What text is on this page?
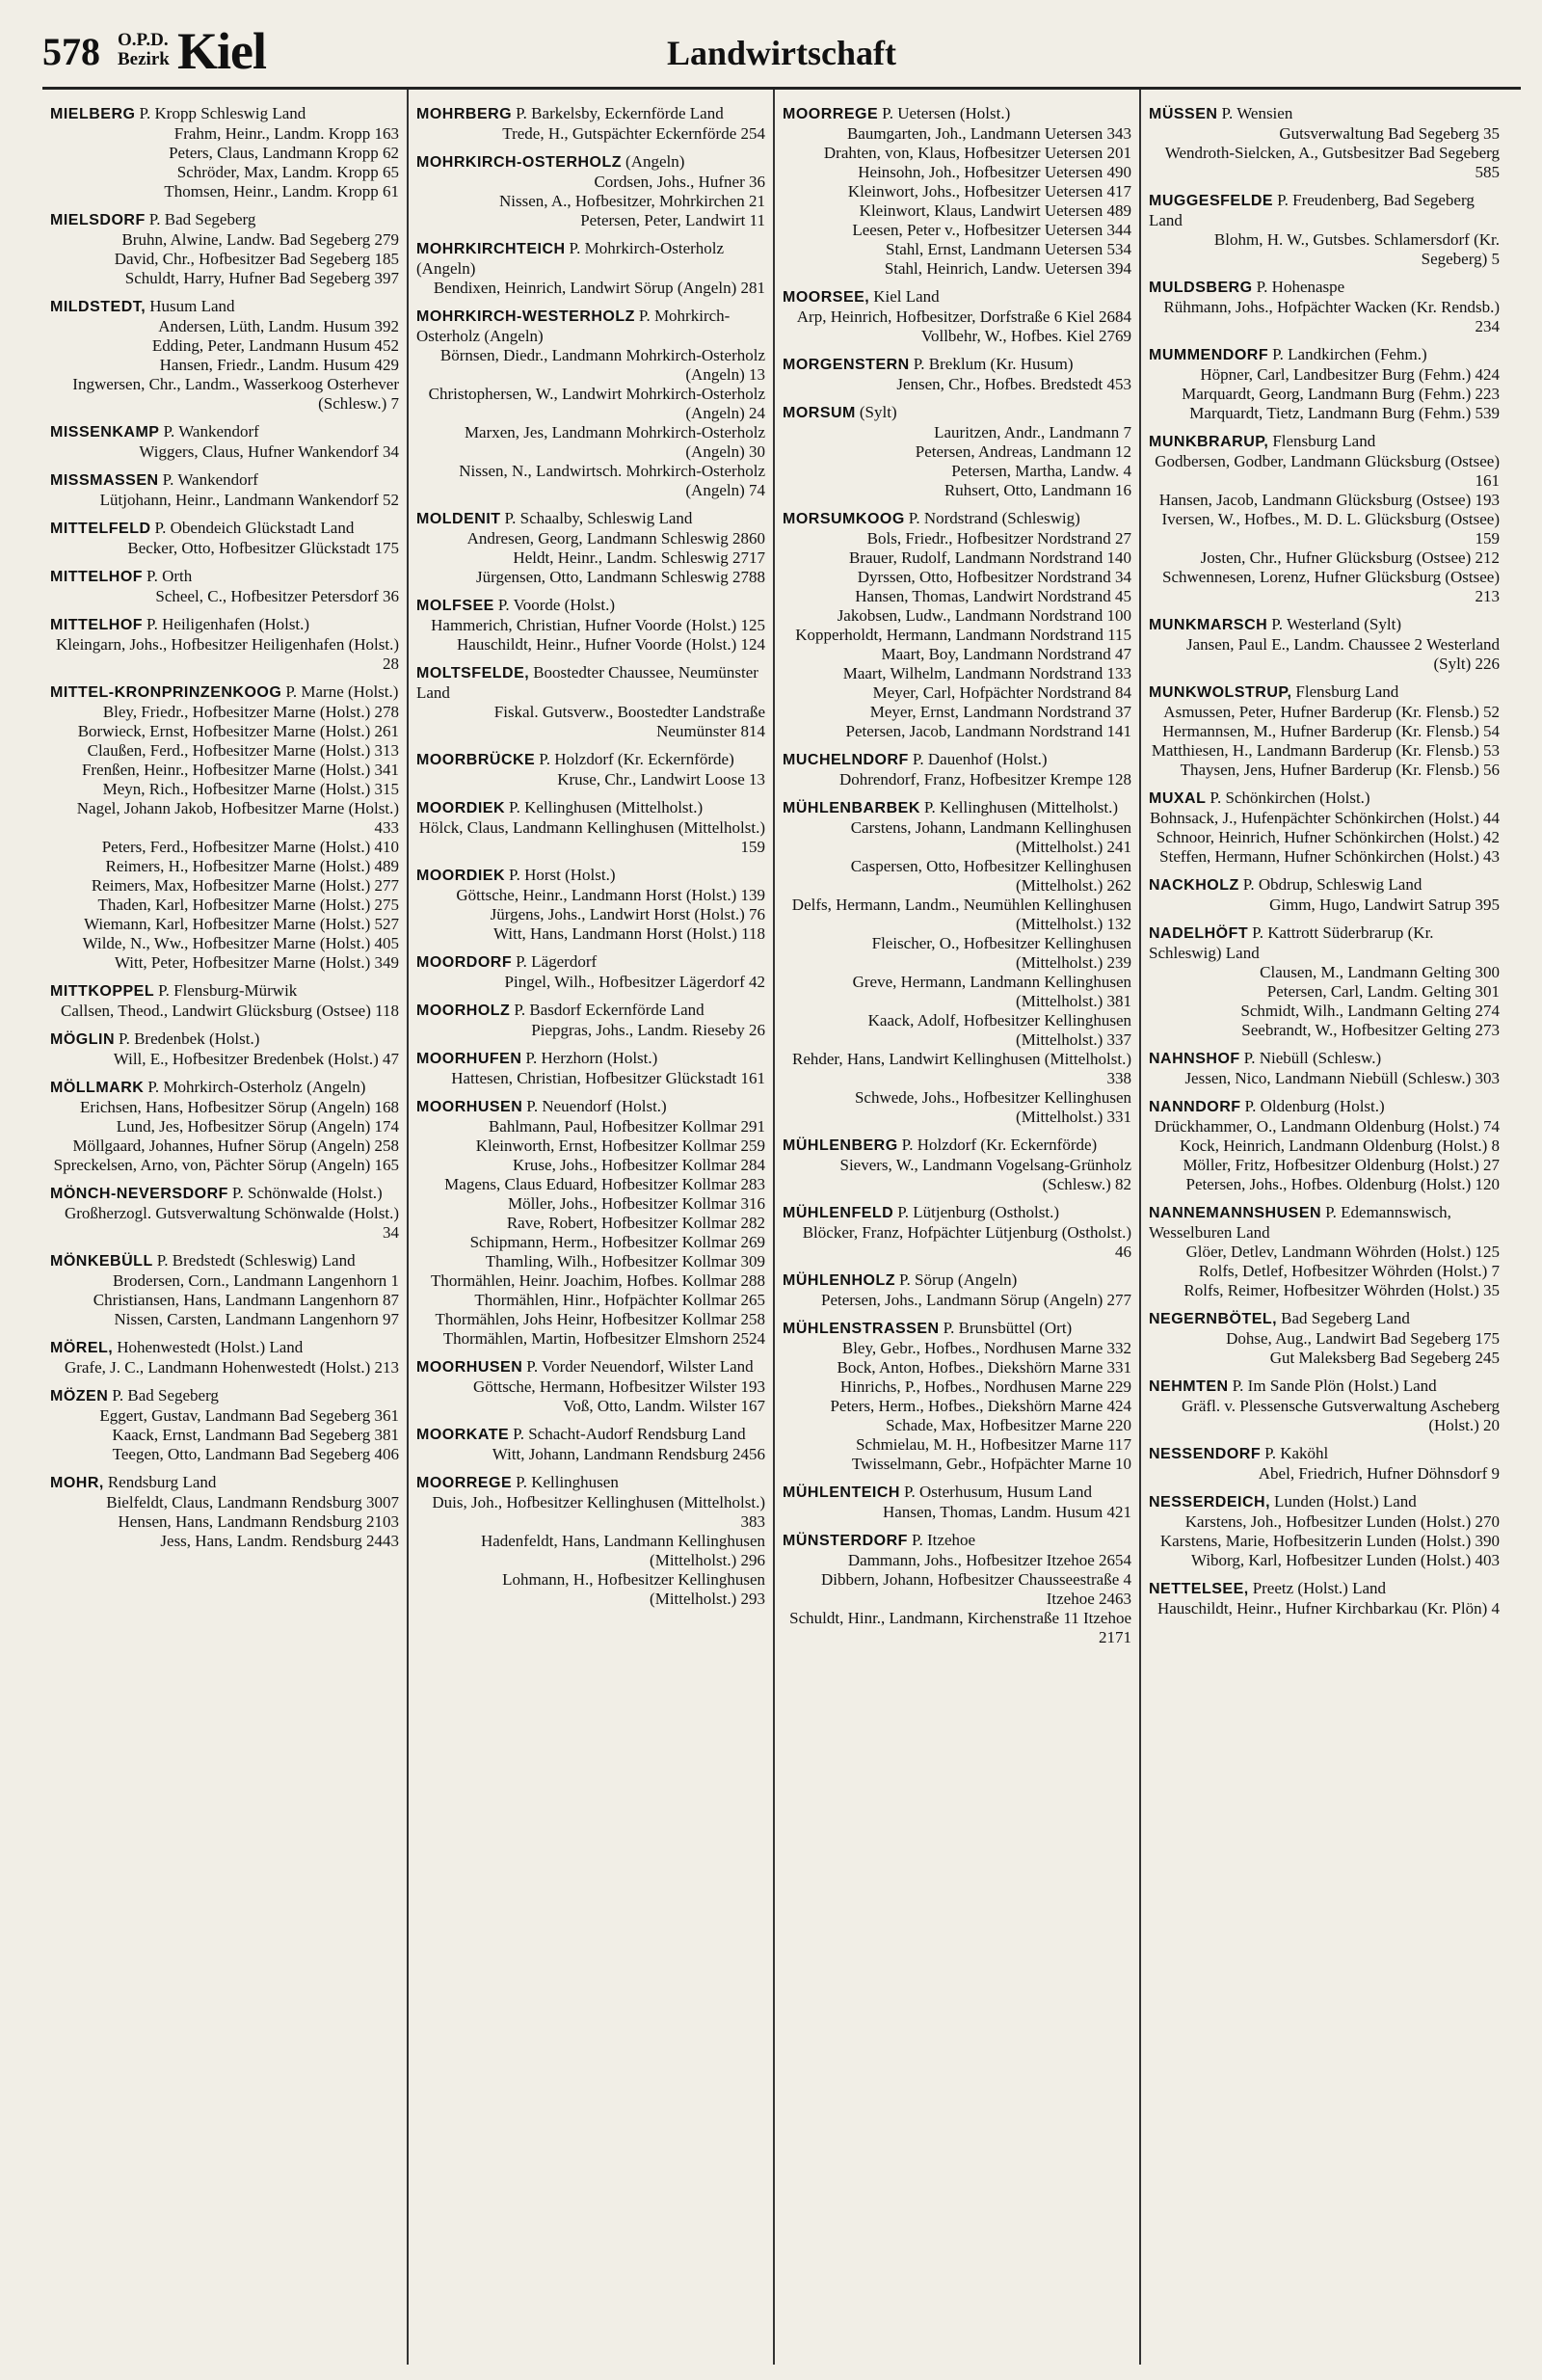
578 O.P.D.
Bezirk Kiel	Landwirtschaft
MIELBERG P. Kropp Schleswig Land
Frahm, Heinr., Landm. Kropp 163
Peters, Claus, Landmann Kropp 62
Schröder, Max, Landm. Kropp 65
Thomsen, Heinr., Landm. Kropp 61
MIELSDORF P. Bad Segeberg
Bruhn, Alwine, Landw. Bad Segeberg 279
David, Chr., Hofbesitzer Bad Segeberg 185
Schuldt, Harry, Hufner Bad Segeberg 397
MILDSTEDT, Husum Land
Andersen, Lüth, Landm. Husum 392
Edding, Peter, Landmann Husum 452
Hansen, Friedr., Landm. Husum 429
Ingwersen, Chr., Landm., Wasserkoog Osterhever (Schlesw.) 7
MISSENKAMP P. Wankendorf
Wiggers, Claus, Hufner Wankendorf 34
MISSMASSEN P. Wankendorf
Lütjohann, Heinr., Landmann Wankendorf 52
MITTELFELD P. Obendeich Glückstadt Land
Becker, Otto, Hofbesitzer Glückstadt 175
MITTELHOF P. Orth
Scheel, C., Hofbesitzer Petersdorf 36
MITTELHOF P. Heiligenhafen (Holst.)
Kleingarn, Johs., Hofbesitzer Heiligenhafen (Holst.) 28
MITTEL-KRONPRINZENKOOG P. Marne (Holst.)
Bley, Friedr., Hofbesitzer Marne (Holst.) 278
Borwieck, Ernst, Hofbesitzer Marne (Holst.) 261
Claußen, Ferd., Hofbesitzer Marne (Holst.) 313
Frenßen, Heinr., Hofbesitzer Marne (Holst.) 341
Meyn, Rich., Hofbesitzer Marne (Holst.) 315
Nagel, Johann Jakob, Hofbesitzer Marne (Holst.) 433
Peters, Ferd., Hofbesitzer Marne (Holst.) 410
Reimers, H., Hofbesitzer Marne (Holst.) 489
Reimers, Max, Hofbesitzer Marne (Holst.) 277
Thaden, Karl, Hofbesitzer Marne (Holst.) 275
Wiemann, Karl, Hofbesitzer Marne (Holst.) 527
Wilde, N., Ww., Hofbesitzer Marne (Holst.) 405
Witt, Peter, Hofbesitzer Marne (Holst.) 349
MITTKOPPEL P. Flensburg-Mürwik
Callsen, Theod., Landwirt Glücksburg (Ostsee) 118
MÖGLIN P. Bredenbek (Holst.)
Will, E., Hofbesitzer Bredenbek (Holst.) 47
MÖLLMARK P. Mohrkirch-Osterholz (Angeln)
Erichsen, Hans, Hofbesitzer Sörup (Angeln) 168
Lund, Jes, Hofbesitzer Sörup (Angeln) 174
Möllgaard, Johannes, Hufner Sörup (Angeln) 258
Spreckelsen, Arno, von, Pächter Sörup (Angeln) 165
MÖNCH-NEVERSDORF P. Schönwalde (Holst.)
Großherzogl. Gutsverwaltung Schönwalde (Holst.) 34
MÖNKEBÜLL P. Bredstedt (Schleswig) Land
Brodersen, Corn., Landmann Langenhorn 1
Christiansen, Hans, Landmann Langenhorn 87
Nissen, Carsten, Landmann Langenhorn 97
MÖREL, Hohenwestedt (Holst.) Land
Grafe, J. C., Landmann Hohenwestedt (Holst.) 213
MÖZEN P. Bad Segeberg
Eggert, Gustav, Landmann Bad Segeberg 361
Kaack, Ernst, Landmann Bad Segeberg 381
Teegen, Otto, Landmann Bad Segeberg 406
MOHR, Rendsburg Land
Bielfeldt, Claus, Landmann Rendsburg 3007
Hensen, Hans, Landmann Rendsburg 2103
Jess, Hans, Landm. Rendsburg 2443
MOHRBERG P. Barkelsby, Eckernförde Land
Trede, H., Gutspächter Eckernförde 254
MOHRKIRCH-OSTERHOLZ (Angeln)
Cordsen, Johs., Hufner 36
Nissen, A., Hofbesitzer, Mohrkirchen 21
Petersen, Peter, Landwirt 11
MOHRKIRCHTEICH P. Mohrkirch-Osterholz (Angeln)
Bendixen, Heinrich, Landwirt Sörup (Angeln) 281
MOHRKIRCH-WESTERHOLZ P. Mohrkirch-Osterholz (Angeln)
Börnsen, Diedr., Landmann Mohrkirch-Osterholz (Angeln) 13
Christophersen, W., Landwirt Mohrkirch-Osterholz (Angeln) 24
Marxen, Jes, Landmann Mohrkirch-Osterholz (Angeln) 30
Nissen, N., Landwirtsch. Mohrkirch-Osterholz (Angeln) 74
MOLDENIT P. Schaalby, Schleswig Land
Andresen, Georg, Landmann Schleswig 2860
Heldt, Heinr., Landm. Schleswig 2717
Jürgensen, Otto, Landmann Schleswig 2788
MOLFSEE P. Voorde (Holst.)
Hammerich, Christian, Hufner Voorde (Holst.) 125
Hauschildt, Heinr., Hufner Voorde (Holst.) 124
MOLTSFELDE, Boostedter Chaussee, Neumünster Land
Fiskal. Gutsverw., Boostedter Landstraße Neumünster 814
MOORBRÜCKE P. Holzdorf (Kr. Eckernförde)
Kruse, Chr., Landwirt Loose 13
MOORDIEK P. Kellinghusen (Mittelholst.)
Hölck, Claus, Landmann Kellinghusen (Mittelholst.) 159
MOORDIEK P. Horst (Holst.)
Göttsche, Heinr., Landmann Horst (Holst.) 139
Jürgens, Johs., Landwirt Horst (Holst.) 76
Witt, Hans, Landmann Horst (Holst.) 118
MOORDORF P. Lägerdorf
Pingel, Wilh., Hofbesitzer Lägerdorf 42
MOORHOLZ P. Basdorf Eckernförde Land
Piepgras, Johs., Landm. Rieseby 26
MOORHUFEN P. Herzhorn (Holst.)
Hattesen, Christian, Hofbesitzer Glückstadt 161
MOORHUSEN P. Neuendorf (Holst.)
Bahlmann, Paul, Hofbesitzer Kollmar 291
Kleinworth, Ernst, Hofbesitzer Kollmar 259
Kruse, Johs., Hofbesitzer Kollmar 284
Magens, Claus Eduard, Hofbesitzer Kollmar 283
Möller, Johs., Hofbesitzer Kollmar 316
Rave, Robert, Hofbesitzer Kollmar 282
Schipmann, Herm., Hofbesitzer Kollmar 269
Thamling, Wilh., Hofbesitzer Kollmar 309
Thormählen, Heinr. Joachim, Hofbes. Kollmar 288
Thormählen, Hinr., Hofpächter Kollmar 265
Thormählen, Johs Heinr, Hofbesitzer Kollmar 258
Thormählen, Martin, Hofbesitzer Elmshorn 2524
MOORHUSEN P. Vorder Neuendorf, Wilster Land
Göttsche, Hermann, Hofbesitzer Wilster 193
Voß, Otto, Landm. Wilster 167
MOORKATE P. Schacht-Audorf Rendsburg Land
Witt, Johann, Landmann Rendsburg 2456
MOORREGE P. Kellinghusen
Duis, Joh., Hofbesitzer Kellinghusen (Mittelholst.) 383
Hadenfeldt, Hans, Landmann Kellinghusen (Mittelholst.) 296
Lohmann, H., Hofbesitzer Kellinghusen (Mittelholst.) 293
MOORREGE P. Uetersen (Holst.)
Baumgarten, Joh., Landmann Uetersen 343
Drahten, von, Klaus, Hofbesitzer Uetersen 201
Heinsohn, Joh., Hofbesitzer Uetersen 490
Kleinwort, Johs., Hofbesitzer Uetersen 417
Kleinwort, Klaus, Landwirt Uetersen 489
Leesen, Peter v., Hofbesitzer Uetersen 344
Stahl, Ernst, Landmann Uetersen 534
Stahl, Heinrich, Landw. Uetersen 394
MOORSEE, Kiel Land
Arp, Heinrich, Hofbesitzer, Dorfstraße 6 Kiel 2684
Vollbehr, W., Hofbes. Kiel 2769
MORGENSTERN P. Breklum (Kr. Husum)
Jensen, Chr., Hofbes. Bredstedt 453
MORSUM (Sylt)
Lauritzen, Andr., Landmann 7
Petersen, Andreas, Landmann 12
Petersen, Martha, Landw. 4
Ruhsert, Otto, Landmann 16
MORSUMKOOG P. Nordstrand (Schleswig)
Bols, Friedr., Hofbesitzer Nordstrand 27
Brauer, Rudolf, Landmann Nordstrand 140
Dyrssen, Otto, Hofbesitzer Nordstrand 34
Hansen, Thomas, Landwirt Nordstrand 45
Jakobsen, Ludw., Landmann Nordstrand 100
Kopperholdt, Hermann, Landmann Nordstrand 115
Maart, Boy, Landmann Nordstrand 47
Maart, Wilhelm, Landmann Nordstrand 133
Meyer, Carl, Hofpächter Nordstrand 84
Meyer, Ernst, Landmann Nordstrand 37
Petersen, Jacob, Landmann Nordstrand 141
MUCHELNDORF P. Dauenhof (Holst.)
Dohrendorf, Franz, Hofbesitzer Krempe 128
MÜHLENBARBEK P. Kellinghusen (Mittelholst.)
Carstens, Johann, Landmann Kellinghusen (Mittelholst.) 241
Caspersen, Otto, Hofbesitzer Kellinghusen (Mittelholst.) 262
Delfs, Hermann, Landm., Neumühlen Kellinghusen (Mittelholst.) 132
Fleischer, O., Hofbesitzer Kellinghusen (Mittelholst.) 239
Greve, Hermann, Landmann Kellinghusen (Mittelholst.) 381
Kaack, Adolf, Hofbesitzer Kellinghusen (Mittelholst.) 337
Rehder, Hans, Landwirt Kellinghusen (Mittelholst.) 338
Schwede, Johs., Hofbesitzer Kellinghusen (Mittelholst.) 331
MÜHLENBERG P. Holzdorf (Kr. Eckernförde)
Sievers, W., Landmann Vogelsang-Grünholz (Schlesw.) 82
MÜHLENFELD P. Lütjenburg (Ostholst.)
Blöcker, Franz, Hofpächter Lütjenburg (Ostholst.) 46
MÜHLENHOLZ P. Sörup (Angeln)
Petersen, Johs., Landmann Sörup (Angeln) 277
MÜHLENSTRASSEN P. Brunsbüttel (Ort)
Bley, Gebr., Hofbes., Nordhusen Marne 332
Bock, Anton, Hofbes., Diekshörn Marne 331
Hinrichs, P., Hofbes., Nordhusen Marne 229
Peters, Herm., Hofbes., Diekshörn Marne 424
Schade, Max, Hofbesitzer Marne 220
Schmielau, M. H., Hofbesitzer Marne 117
Twisselmann, Gebr., Hofpächter Marne 10
MÜHLENTEICH P. Osterhusum, Husum Land
Hansen, Thomas, Landm. Husum 421
MÜNSTERDORF P. Itzehoe
Dammann, Johs., Hofbesitzer Itzehoe 2654
Dibbern, Johann, Hofbesitzer Chausseestraße 4 Itzehoe 2463
Schuldt, Hinr., Landmann, Kirchenstraße 11 Itzehoe 2171
MÜSSEN P. Wensien
Gutsverwaltung Bad Segeberg 35
Wendroth-Sielcken, A., Gutsbesitzer Bad Segeberg 585
MUGGESFELDE P. Freudenberg, Bad Segeberg Land
Blohm, H. W., Gutsbes. Schlamersdorf (Kr. Segeberg) 5
MULDSBERG P. Hohenaspe
Rühmann, Johs., Hofpächter Wacken (Kr. Rendsb.) 234
MUMMENDORF P. Landkirchen (Fehm.)
Höpner, Carl, Landbesitzer Burg (Fehm.) 424
Marquardt, Georg, Landmann Burg (Fehm.) 223
Marquardt, Tietz, Landmann Burg (Fehm.) 539
MUNKBRARUP, Flensburg Land
Godbersen, Godber, Landmann Glücksburg (Ostsee) 161
Hansen, Jacob, Landmann Glücksburg (Ostsee) 193
Iversen, W., Hofbes., M. D. L. Glücksburg (Ostsee) 159
Josten, Chr., Hufner Glücksburg (Ostsee) 212
Schwennesen, Lorenz, Hufner Glücksburg (Ostsee) 213
MUNKMARSCH P. Westerland (Sylt)
Jansen, Paul E., Landm. Chaussee 2 Westerland (Sylt) 226
MUNKWOLSTRUP, Flensburg Land
Asmussen, Peter, Hufner Barderup (Kr. Flensb.) 52
Hermannsen, M., Hufner Barderup (Kr. Flensb.) 54
Matthiesen, H., Landmann Barderup (Kr. Flensb.) 53
Thaysen, Jens, Hufner Barderup (Kr. Flensb.) 56
MUXAL P. Schönkirchen (Holst.)
Bohnsack, J., Hufenpächter Schönkirchen (Holst.) 44
Schnoor, Heinrich, Hufner Schönkirchen (Holst.) 42
Steffen, Hermann, Hufner Schönkirchen (Holst.) 43
NACKHOLZ P. Obdrup, Schleswig Land
Gimm, Hugo, Landwirt Satrup 395
NADELHÖFT P. Kattrott Süderbrarup (Kr. Schleswig) Land
Clausen, M., Landmann Gelting 300
Petersen, Carl, Landm. Gelting 301
Schmidt, Wilh., Landmann Gelting 274
Seebrandt, W., Hofbesitzer Gelting 273
NAHNSHOF P. Niebüll (Schlesw.)
Jessen, Nico, Landmann Niebüll (Schlesw.) 303
NANNDORF P. Oldenburg (Holst.)
Drückhammer, O., Landmann Oldenburg (Holst.) 74
Kock, Heinrich, Landmann Oldenburg (Holst.) 8
Möller, Fritz, Hofbesitzer Oldenburg (Holst.) 27
Petersen, Johs., Hofbes. Oldenburg (Holst.) 120
NANNEMANNSHUSEN P. Edemannswisch, Wesselburen Land
Glöer, Detlev, Landmann Wöhrden (Holst.) 125
Rolfs, Detlef, Hofbesitzer Wöhrden (Holst.) 7
Rolfs, Reimer, Hofbesitzer Wöhrden (Holst.) 35
NEGERNBÖTEL, Bad Segeberg Land
Dohse, Aug., Landwirt Bad Segeberg 175
Gut Maleksberg Bad Segeberg 245
NEHMTEN P. Im Sande Plön (Holst.) Land
Gräfl. v. Plessensche Gutsverwaltung Ascheberg (Holst.) 20
NESSENDORF P. Kaköhl
Abel, Friedrich, Hufner Döhnsdorf 9
NESSERDEICH, Lunden (Holst.) Land
Karstens, Joh., Hofbesitzer Lunden (Holst.) 270
Karstens, Marie, Hofbesitzerin Lunden (Holst.) 390
Wiborg, Karl, Hofbesitzer Lunden (Holst.) 403
NETTELSEE, Preetz (Holst.) Land
Hauschildt, Heinr., Hufner Kirchbarkau (Kr. Plön) 4
